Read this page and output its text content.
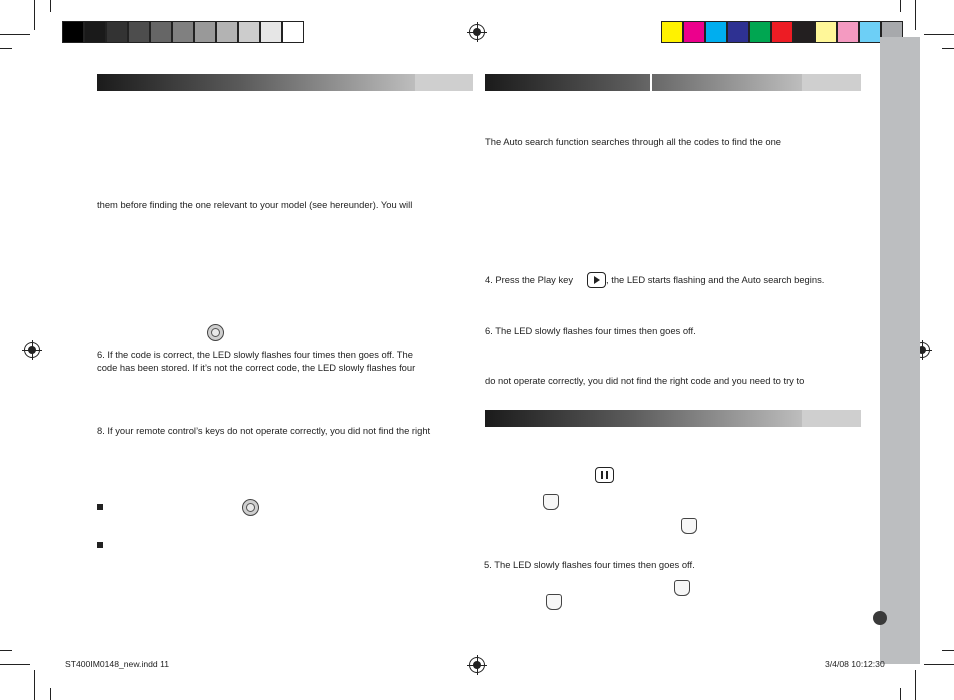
them before finding the one relevant to your model (see hereunder). You will
6. If the code is correct, the LED slowly flashes four times then goes off. The
code has been stored. If it’s not the correct code, the LED slowly flashes four
8. If your remote control’s keys do not operate correctly, you did not find the right
The Auto search function searches through all the codes to find the one
4. Press the Play key	, the LED starts flashing and the Auto search begins.
6. The LED slowly flashes four times then goes off.
do not operate correctly, you did not find the right code and you need to try to
5. The LED slowly flashes four times then goes off.
ST400IM0148_new.indd 11	3/4/08 10:12:30
